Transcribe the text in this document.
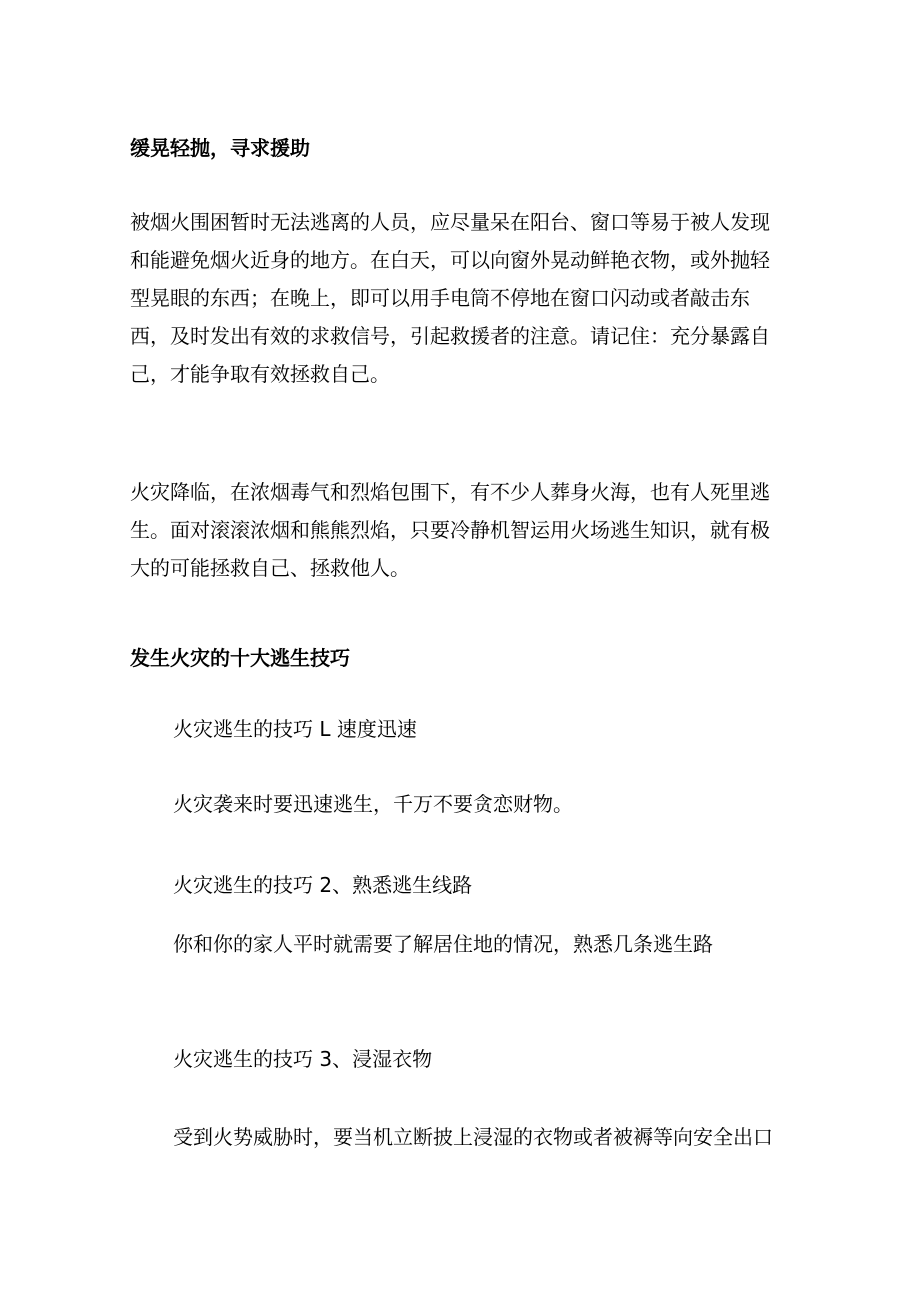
缓晃轻抛，寻求援助
被烟火围困暂时无法逃离的人员，应尽量呆在阳台、窗口等易于被人发现
和能避免烟火近身的地方。在白天，可以向窗外晃动鲜艳衣物，或外抛轻
型晃眼的东西；在晚上，即可以用手电筒不停地在窗口闪动或者敲击东
西，及时发出有效的求救信号，引起救援者的注意。请记住：充分暴露自
己，才能争取有效拯救自己。
火灾降临，在浓烟毒气和烈焰包围下，有不少人葬身火海，也有人死里逃
生。面对滚滚浓烟和熊熊烈焰，只要冷静机智运用火场逃生知识，就有极
大的可能拯救自己、拯救他人。
发生火灾的十大逃生技巧
火灾逃生的技巧 L 速度迅速
火灾袭来时要迅速逃生，千万不要贪恋财物。
火灾逃生的技巧 2、熟悉逃生线路
你和你的家人平时就需要了解居住地的情况，熟悉几条逃生路
火灾逃生的技巧 3、浸湿衣物
受到火势威胁时，要当机立断披上浸湿的衣物或者被褥等向安全出口
